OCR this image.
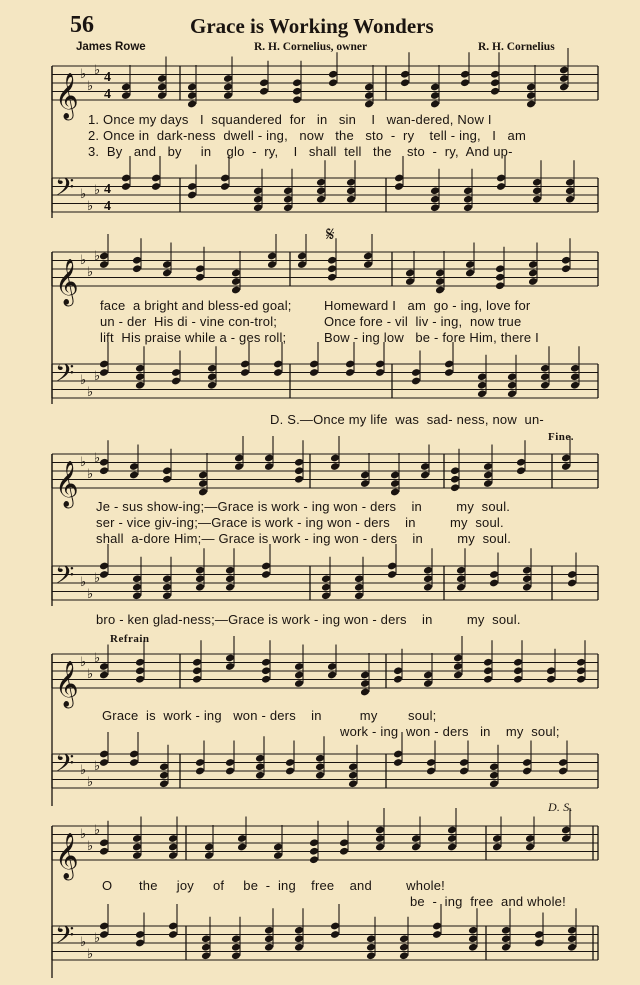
56	Grace is Working Wonders
James Rowe	R. H. Cornelius, owner	R. H. Cornelius
𝄞 ♭
♭
♭ 4
4
1. Once my days   I  squandered  for   in   sin    I   wan-dered, Now I
2. Once in  dark-ness  dwell - ing,   now   the   sto  -  ry    tell - ing,   I   am
3.  By   and   by     in    glo  -  ry,    I   shall  tell   the    sto  -  ry,  And up-
𝄢 ♭
♭
♭ 4
4
𝄋
𝄞 ♭
♭
♭
face  a bright and bless-ed goal; Homeward I   am  go - ing, love for
un - der  His di - vine con-trol;	Once fore - vil  liv - ing,  now true
lift  His praise while a - ges roll;	Bow - ing low   be - fore Him, there I
𝄢 ♭
♭
♭
D. S.—Once my life  was  sad- ness, now  un-
Fine.
𝄞 ♭
♭
♭
Je - sus show-ing;—Grace is work - ing won - ders    in         my  soul.
ser - vice giv-ing;—Grace is work - ing won - ders    in         my  soul.
shall  a-dore Him;— Grace is work - ing won - ders    in         my  soul.
𝄢 ♭
♭
♭
bro - ken glad-ness;—Grace is work - ing won - ders    in         my  soul.
Refrain
𝄞 ♭
♭
♭
Grace  is  work - ing   won - ders    in          my        soul;
work - ing  won - ders   in    my  soul;
𝄢 ♭
♭
♭
D. S.
𝄞 ♭
♭
♭
O       the     joy     of     be  -  ing    free    and         whole!
be  -  ing  free  and whole!
𝄢 ♭
♭
♭
